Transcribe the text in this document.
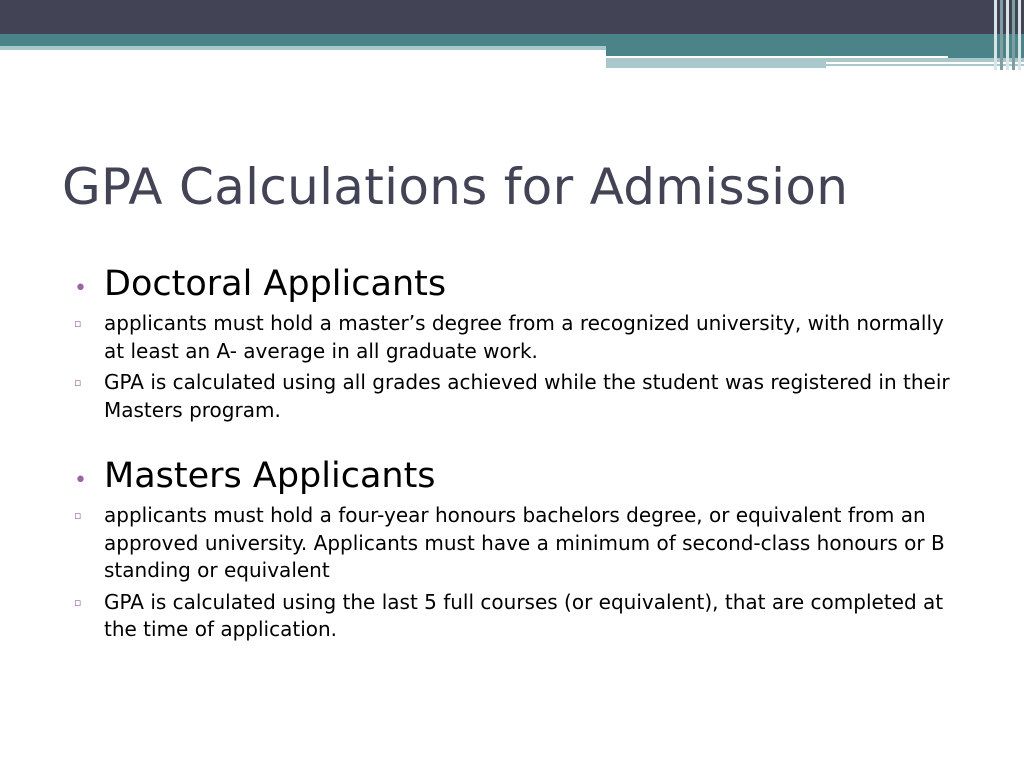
GPA Calculations for Admission
• Doctoral Applicants
▫	applicants must hold a master’s degree from a recognized university, with normally at least an A- average in all graduate work.
▫	GPA is calculated using all grades achieved while the student was registered in their Masters program.
• Masters Applicants
▫	applicants must hold a four-year honours bachelors degree, or equivalent from an approved university. Applicants must have a minimum of second-class honours or B standing or equivalent
▫	GPA is calculated using the last 5 full courses (or equivalent), that are completed at the time of application.
